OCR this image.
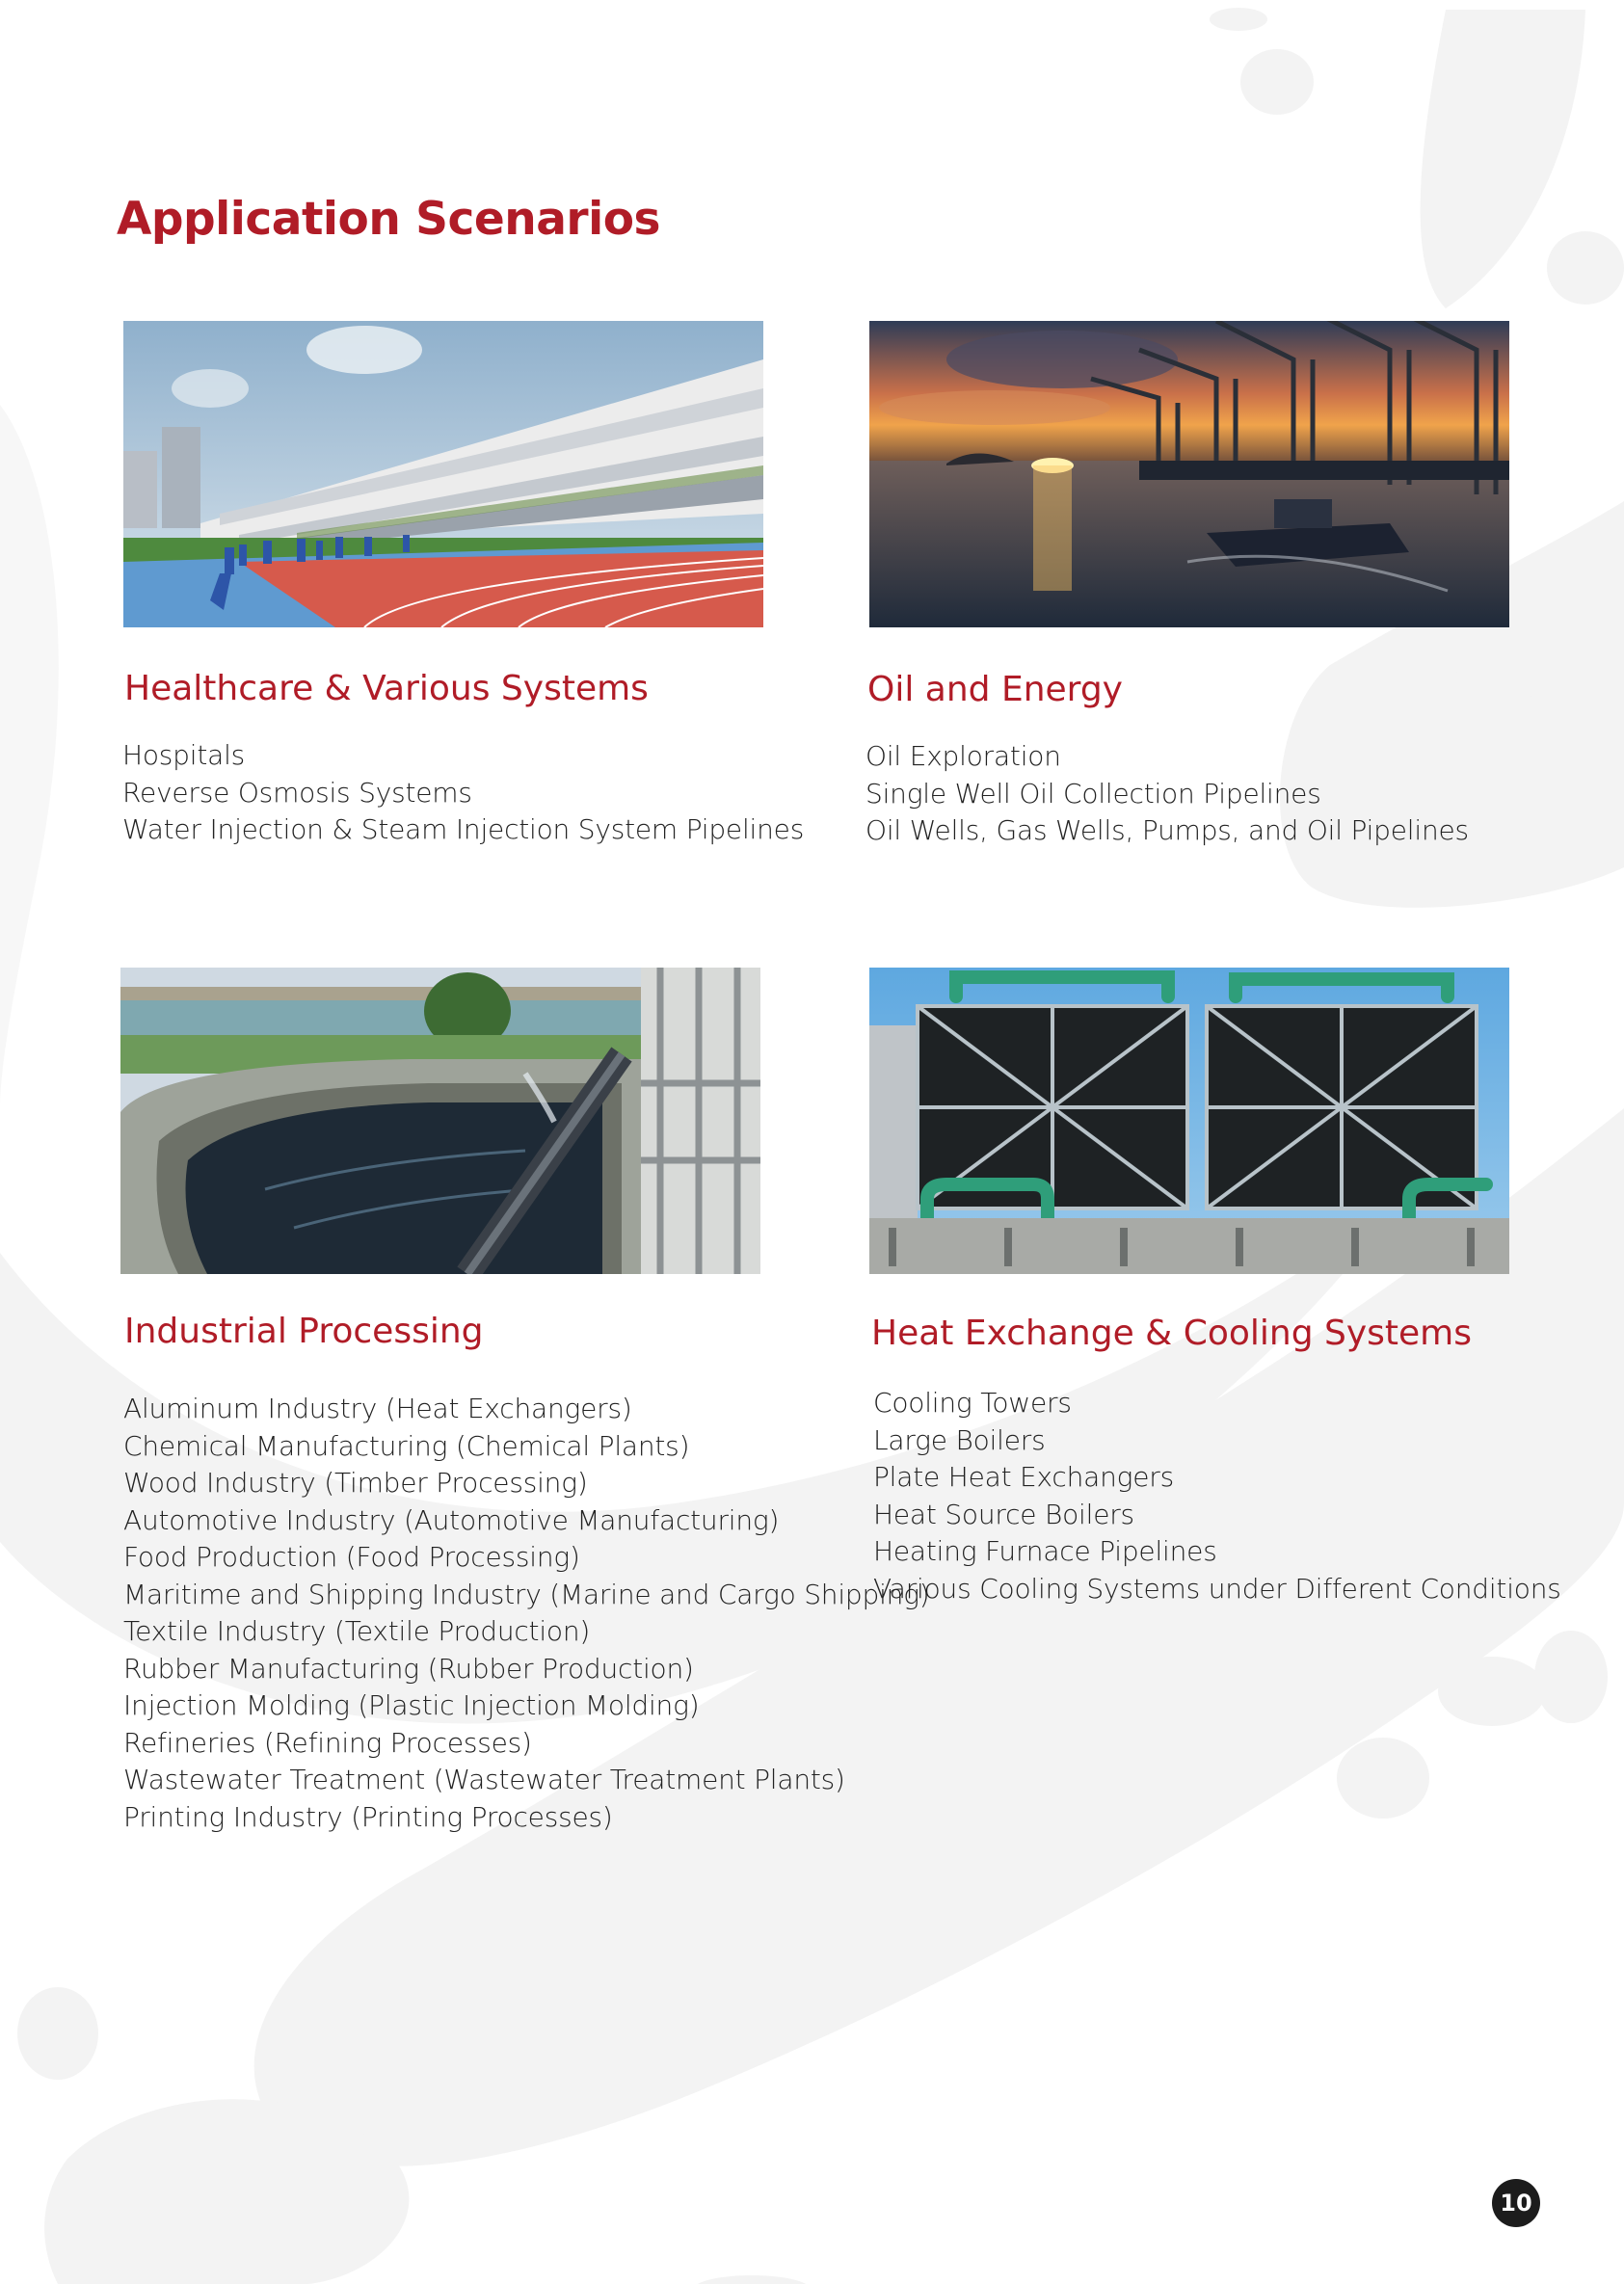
Application Scenarios
Healthcare & Various Systems
Hospitals
Reverse Osmosis Systems
Water Injection & Steam Injection System Pipelines
Oil and Energy
Oil Exploration
Single Well Oil Collection Pipelines
Oil Wells, Gas Wells, Pumps, and Oil Pipelines
Industrial Processing
Aluminum Industry (Heat Exchangers)
Chemical Manufacturing (Chemical Plants)
Wood Industry (Timber Processing)
Automotive Industry (Automotive Manufacturing)
Food Production (Food Processing)
Maritime and Shipping Industry (Marine and Cargo Shipping)
Textile Industry (Textile Production)
Rubber Manufacturing (Rubber Production)
Injection Molding (Plastic Injection Molding)
Refineries (Refining Processes)
Wastewater Treatment (Wastewater Treatment Plants)
Printing Industry (Printing Processes)
Heat Exchange & Cooling Systems
Cooling Towers
Large Boilers
Plate Heat Exchangers
Heat Source Boilers
Heating Furnace Pipelines
Various Cooling Systems under Different Conditions
10
